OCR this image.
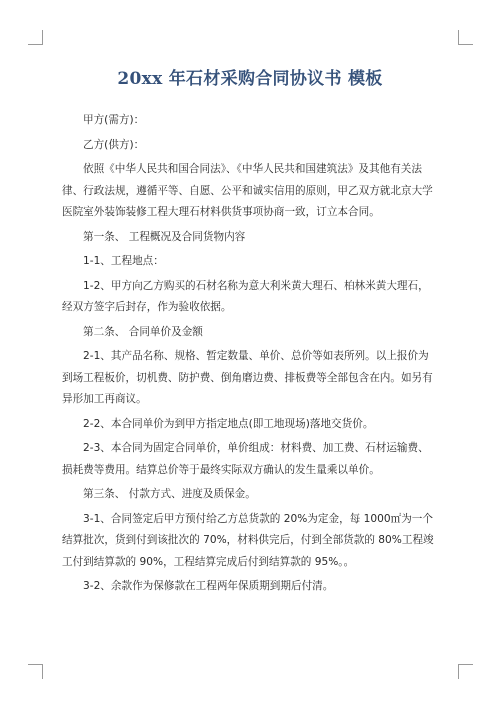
20xx 年石材采购合同协议书 模板

甲方(需方)：

乙方(供方)：

依照《中华人民共和国合同法》、《中华人民共和国建筑法》及其他有关法律、行政法规，遵循平等、自愿、公平和诚实信用的原则，甲乙双方就北京大学医院室外装饰装修工程大理石材料供货事项协商一致，订立本合同。

第一条、 工程概况及合同货物内容

1-1、工程地点：

1-2、甲方向乙方购买的石材名称为意大利米黄大理石、柏林米黄大理石，经双方签字后封存，作为验收依据。

第二条、 合同单价及金额

2-1、其产品名称、规格、暂定数量、单价、总价等如表所列。以上报价为到场工程板价，切机费、防护费、倒角磨边费、排板费等全部包含在内。如另有异形加工再商议。

2-2、本合同单价为到甲方指定地点(即工地现场)落地交货价。

2-3、本合同为固定合同单价，单价组成：材料费、加工费、石材运输费、损耗费等费用。结算总价等于最终实际双方确认的发生量乘以单价。

第三条、 付款方式、进度及质保金。

3-1、合同签定后甲方预付给乙方总货款的 20%为定金，每 1000㎡为一个结算批次，货到付到该批次的 70%，材料供完后，付到全部货款的 80%工程竣工付到结算款的 90%，工程结算完成后付到结算款的 95%。。

3-2、余款作为保修款在工程两年保质期到期后付清。
